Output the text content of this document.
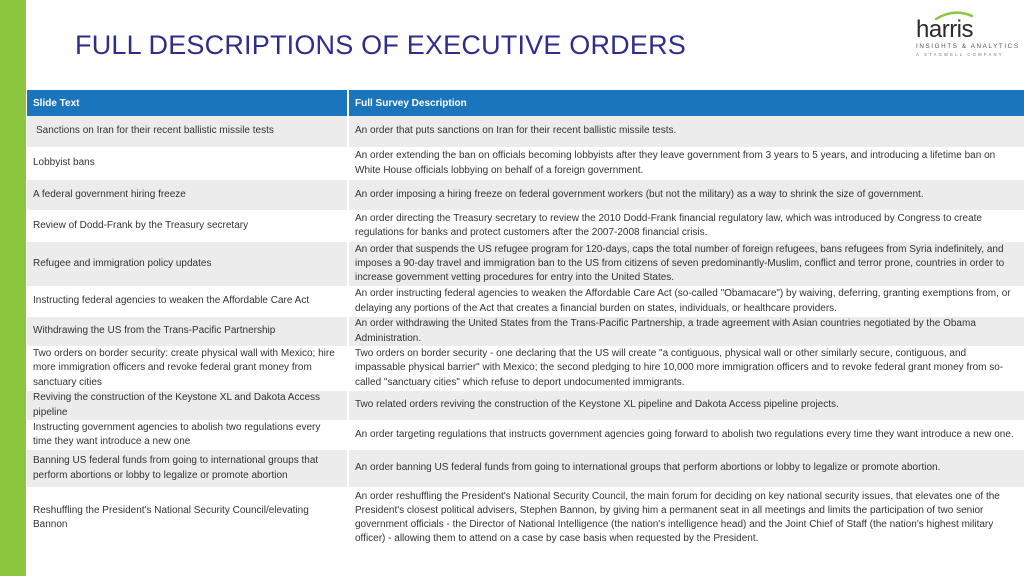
FULL DESCRIPTIONS OF EXECUTIVE ORDERS
harris
INSIGHTS & ANALYTICS
A STAGWELL COMPANY
Slide Text	Full Survey Description
Sanctions on Iran for their recent ballistic missile tests	An order that puts sanctions on Iran for their recent ballistic missile tests.
Lobbyist bans	An order extending the ban on officials becoming lobbyists after they leave government from 3 years to 5 years, and introducing a lifetime ban on White House officials lobbying on behalf of a foreign government.
A federal government hiring freeze	An order imposing a hiring freeze on federal government workers (but not the military) as a way to shrink the size of government.
Review of Dodd-Frank by the Treasury secretary	An order directing the Treasury secretary to review the 2010 Dodd-Frank financial regulatory law, which was introduced by Congress to create regulations for banks and protect customers after the 2007-2008 financial crisis.
Refugee and immigration policy updates	An order that suspends the US refugee program for 120-days, caps the total number of foreign refugees, bans refugees from Syria indefinitely, and imposes a 90-day travel and immigration ban to the US from citizens of seven predominantly-Muslim, conflict and terror prone, countries in order to increase government vetting procedures for entry into the United States.
Instructing federal agencies to weaken the Affordable Care Act	An order instructing federal agencies to weaken the Affordable Care Act (so-called "Obamacare") by waiving, deferring, granting exemptions from, or delaying any portions of the Act that creates a financial burden on states, individuals, or healthcare providers.
Withdrawing the US from the Trans-Pacific Partnership	An order withdrawing the United States from the Trans-Pacific Partnership, a trade agreement with Asian countries negotiated by the Obama Administration.
Two orders on border security: create physical wall with Mexico; hire more immigration officers and revoke federal grant money from sanctuary cities	Two orders on border security - one declaring that the US will create "a contiguous, physical wall or other similarly secure, contiguous, and impassable physical barrier" with Mexico; the second pledging to hire 10,000 more immigration officers and to revoke federal grant money from so-called "sanctuary cities" which refuse to deport undocumented immigrants.
Reviving the construction of the Keystone XL and Dakota Access pipeline	Two related orders reviving the construction of the Keystone XL pipeline and Dakota Access pipeline projects.
Instructing government agencies to abolish two regulations every time they want introduce a new one	An order targeting regulations that instructs government agencies going forward to abolish two regulations every time they want introduce a new one.
Banning US federal funds from going to international groups that perform abortions or lobby to legalize or promote abortion	An order banning US federal funds from going to international groups that perform abortions or lobby to legalize or promote abortion.
Reshuffling the President's National Security Council/elevating Bannon	An order reshuffling the President's National Security Council, the main forum for deciding on key national security issues, that elevates one of the President's closest political advisers, Stephen Bannon, by giving him a permanent seat in all meetings and limits the participation of two senior government officials - the Director of National Intelligence (the nation's intelligence head) and the Joint Chief of Staff (the nation's highest military officer) - allowing them to attend on a case by case basis when requested by the President.
